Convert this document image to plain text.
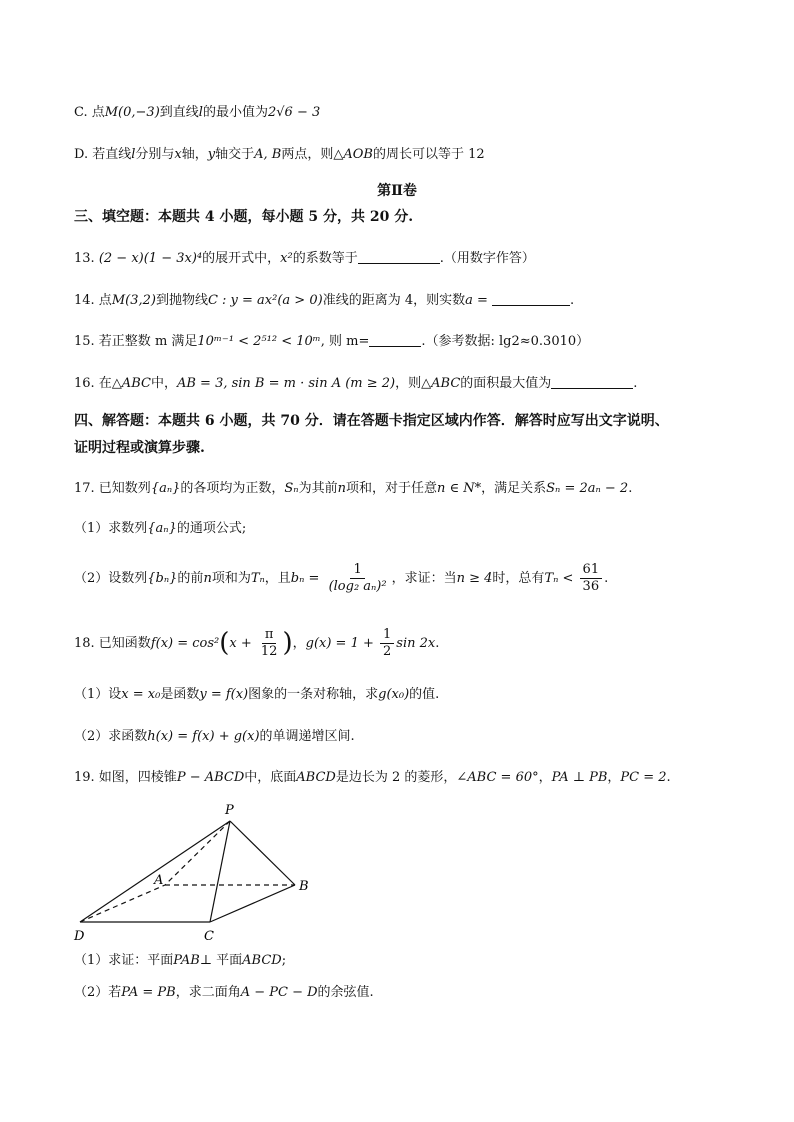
C. 点M(0,−3)到直线l的最小值为2√6 − 3
D. 若直线l分别与x轴，y轴交于A, B两点，则△AOB的周长可以等于 12
第Ⅱ卷
三、填空题：本题共 4 小题，每小题 5 分，共 20 分.
13. (2 − x)(1 − 3x)⁴的展开式中，x²的系数等于	.（用数字作答）
14. 点M(3,2)到抛物线C : y = ax²(a > 0)准线的距离为 4，则实数a =	.
15. 若正整数 m 满足10ᵐ⁻¹ < 2⁵¹² < 10ᵐ, 则 m=	.（参考数据: lg2≈0.3010）
16. 在△ABC中，AB = 3, sin B = m · sin A (m ≥ 2)，则△ABC的面积最大值为	.
四、解答题：本题共 6 小题，共 70 分．请在答题卡指定区域内作答．解答时应写出文字说明、
证明过程或演算步骤.
17. 已知数列{aₙ}的各项均为正数，Sₙ为其前n项和，对于任意n ∈ N*，满足关系Sₙ = 2aₙ − 2.
（1）求数列{aₙ}的通项公式;
（2）设数列{bₙ}的前n项和为Tₙ，且$b_n = \frac{1}{\text{(log₂ aₙ)²}}$ ，求证：当n ≥ 4时，总有$T_n < \frac{61}{36}$ .
18. 已知函数$f(x) = \cos^2(x + \frac{\pi}{12}$ )，$g(x) = 1 + \frac{1}{2}$ sin 2x.
（1）设x = x₀是函数y = f(x)图象的一条对称轴，求g(x₀)的值.
（2）求函数h(x) = f(x) + g(x)的单调递增区间.
19. 如图，四棱锥P − ABCD中，底面ABCD是边长为 2 的菱形，∠ABC = 60°，PA ⊥ PB，PC = 2.
P
A	B
C
D
（1）求证：平面PAB⊥ 平面ABCD;
（2）若PA = PB，求二面角A − PC − D的余弦值.
